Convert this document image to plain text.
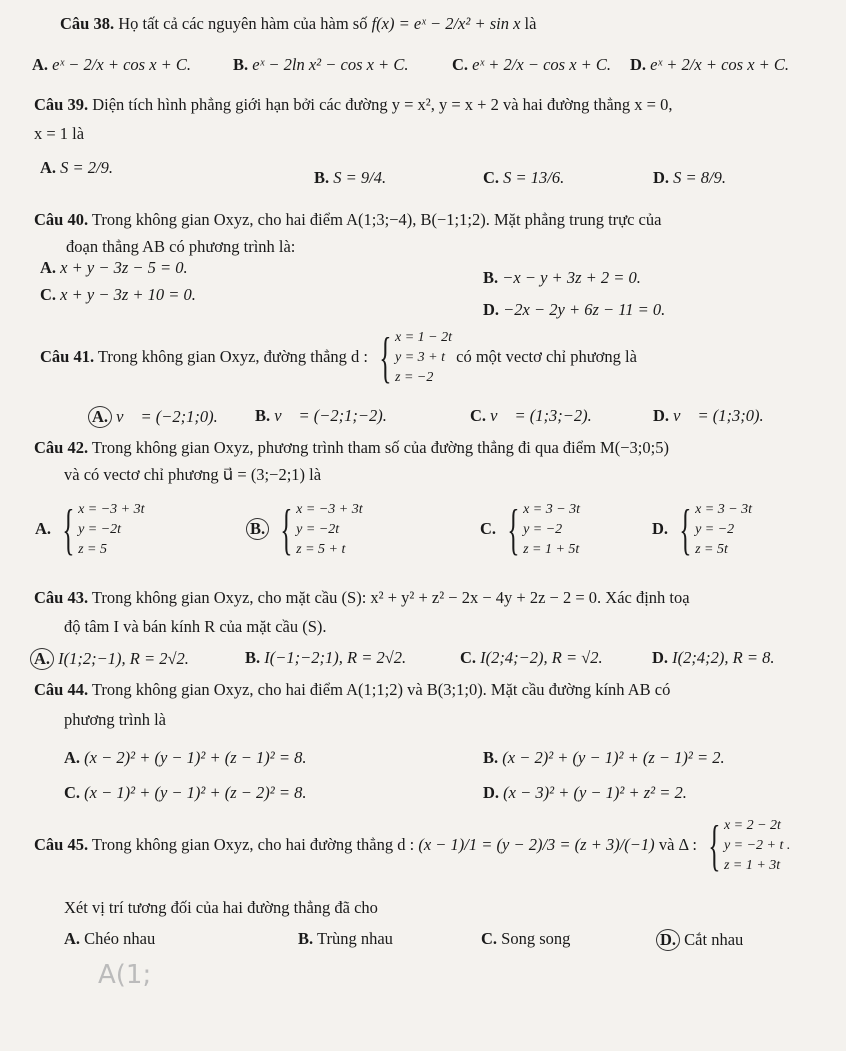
Câu 38. Họ tất cả các nguyên hàm của hàm số f(x) = eˣ − 2/x² + sin x là
A. eˣ − 2/x + cos x + C.	B. eˣ − 2ln x² − cos x + C.	C. eˣ + 2/x − cos x + C. D. eˣ + 2/x + cos x + C.
Câu 39. Diện tích hình phẳng giới hạn bởi các đường y = x², y = x + 2 và hai đường thẳng x = 0,
x = 1 là
A. S = 2/9.
B. S = 9/4.	C. S = 13/6.	D. S = 8/9.
Câu 40. Trong không gian Oxyz, cho hai điểm A(1;3;−4), B(−1;1;2). Mặt phẳng trung trực của
đoạn thẳng AB có phương trình là:
A. x + y − 3z − 5 = 0.
B. −x − y + 3z + 2 = 0.
C. x + y − 3z + 10 = 0.
D. −2x − 2y + 6z − 11 = 0.
Câu 41. Trong không gian Oxyz, đường thẳng d : { x = 1 − 2t
y = 3 + t
z = −2
có một vectơ chỉ phương là
A. v⃗ = (−2;1;0). B. v⃗ = (−2;1;−2).	C. v⃗ = (1;3;−2).	D. v⃗ = (1;3;0).
Câu 42. Trong không gian Oxyz, phương trình tham số của đường thẳng đi qua điểm M(−3;0;5)
và có vectơ chỉ phương u⃗ = (3;−2;1) là
A. { x = −3 + 3t
y = −2t
z = 5
B. { x = −3 + 3t
y = −2t
z = 5 + t
C. { x = 3 − 3t
y = −2
z = 1 + 5t
D. { x = 3 − 3t
y = −2
z = 5t
Câu 43. Trong không gian Oxyz, cho mặt cầu (S): x² + y² + z² − 2x − 4y + 2z − 2 = 0. Xác định toạ
độ tâm I và bán kính R của mặt cầu (S).
A. I(1;2;−1), R = 2√2.	B. I(−1;−2;1), R = 2√2.	C. I(2;4;−2), R = √2.	D. I(2;4;2), R = 8.
Câu 44. Trong không gian Oxyz, cho hai điểm A(1;1;2) và B(3;1;0). Mặt cầu đường kính AB có
phương trình là
A. (x − 2)² + (y − 1)² + (z − 1)² = 8.	B. (x − 2)² + (y − 1)² + (z − 1)² = 2.
C. (x − 1)² + (y − 1)² + (z − 2)² = 8.	D. (x − 3)² + (y − 1)² + z² = 2.
Câu 45. Trong không gian Oxyz, cho hai đường thẳng d : (x − 1)/1 = (y − 2)/3 = (z + 3)/(−1) và Δ : { x = 2 − 2t
y = −2 + t .
z = 1 + 3t
Xét vị trí tương đối của hai đường thẳng đã cho
A. Chéo nhau	B. Trùng nhau	C. Song song	D. Cắt nhau
A(1;
